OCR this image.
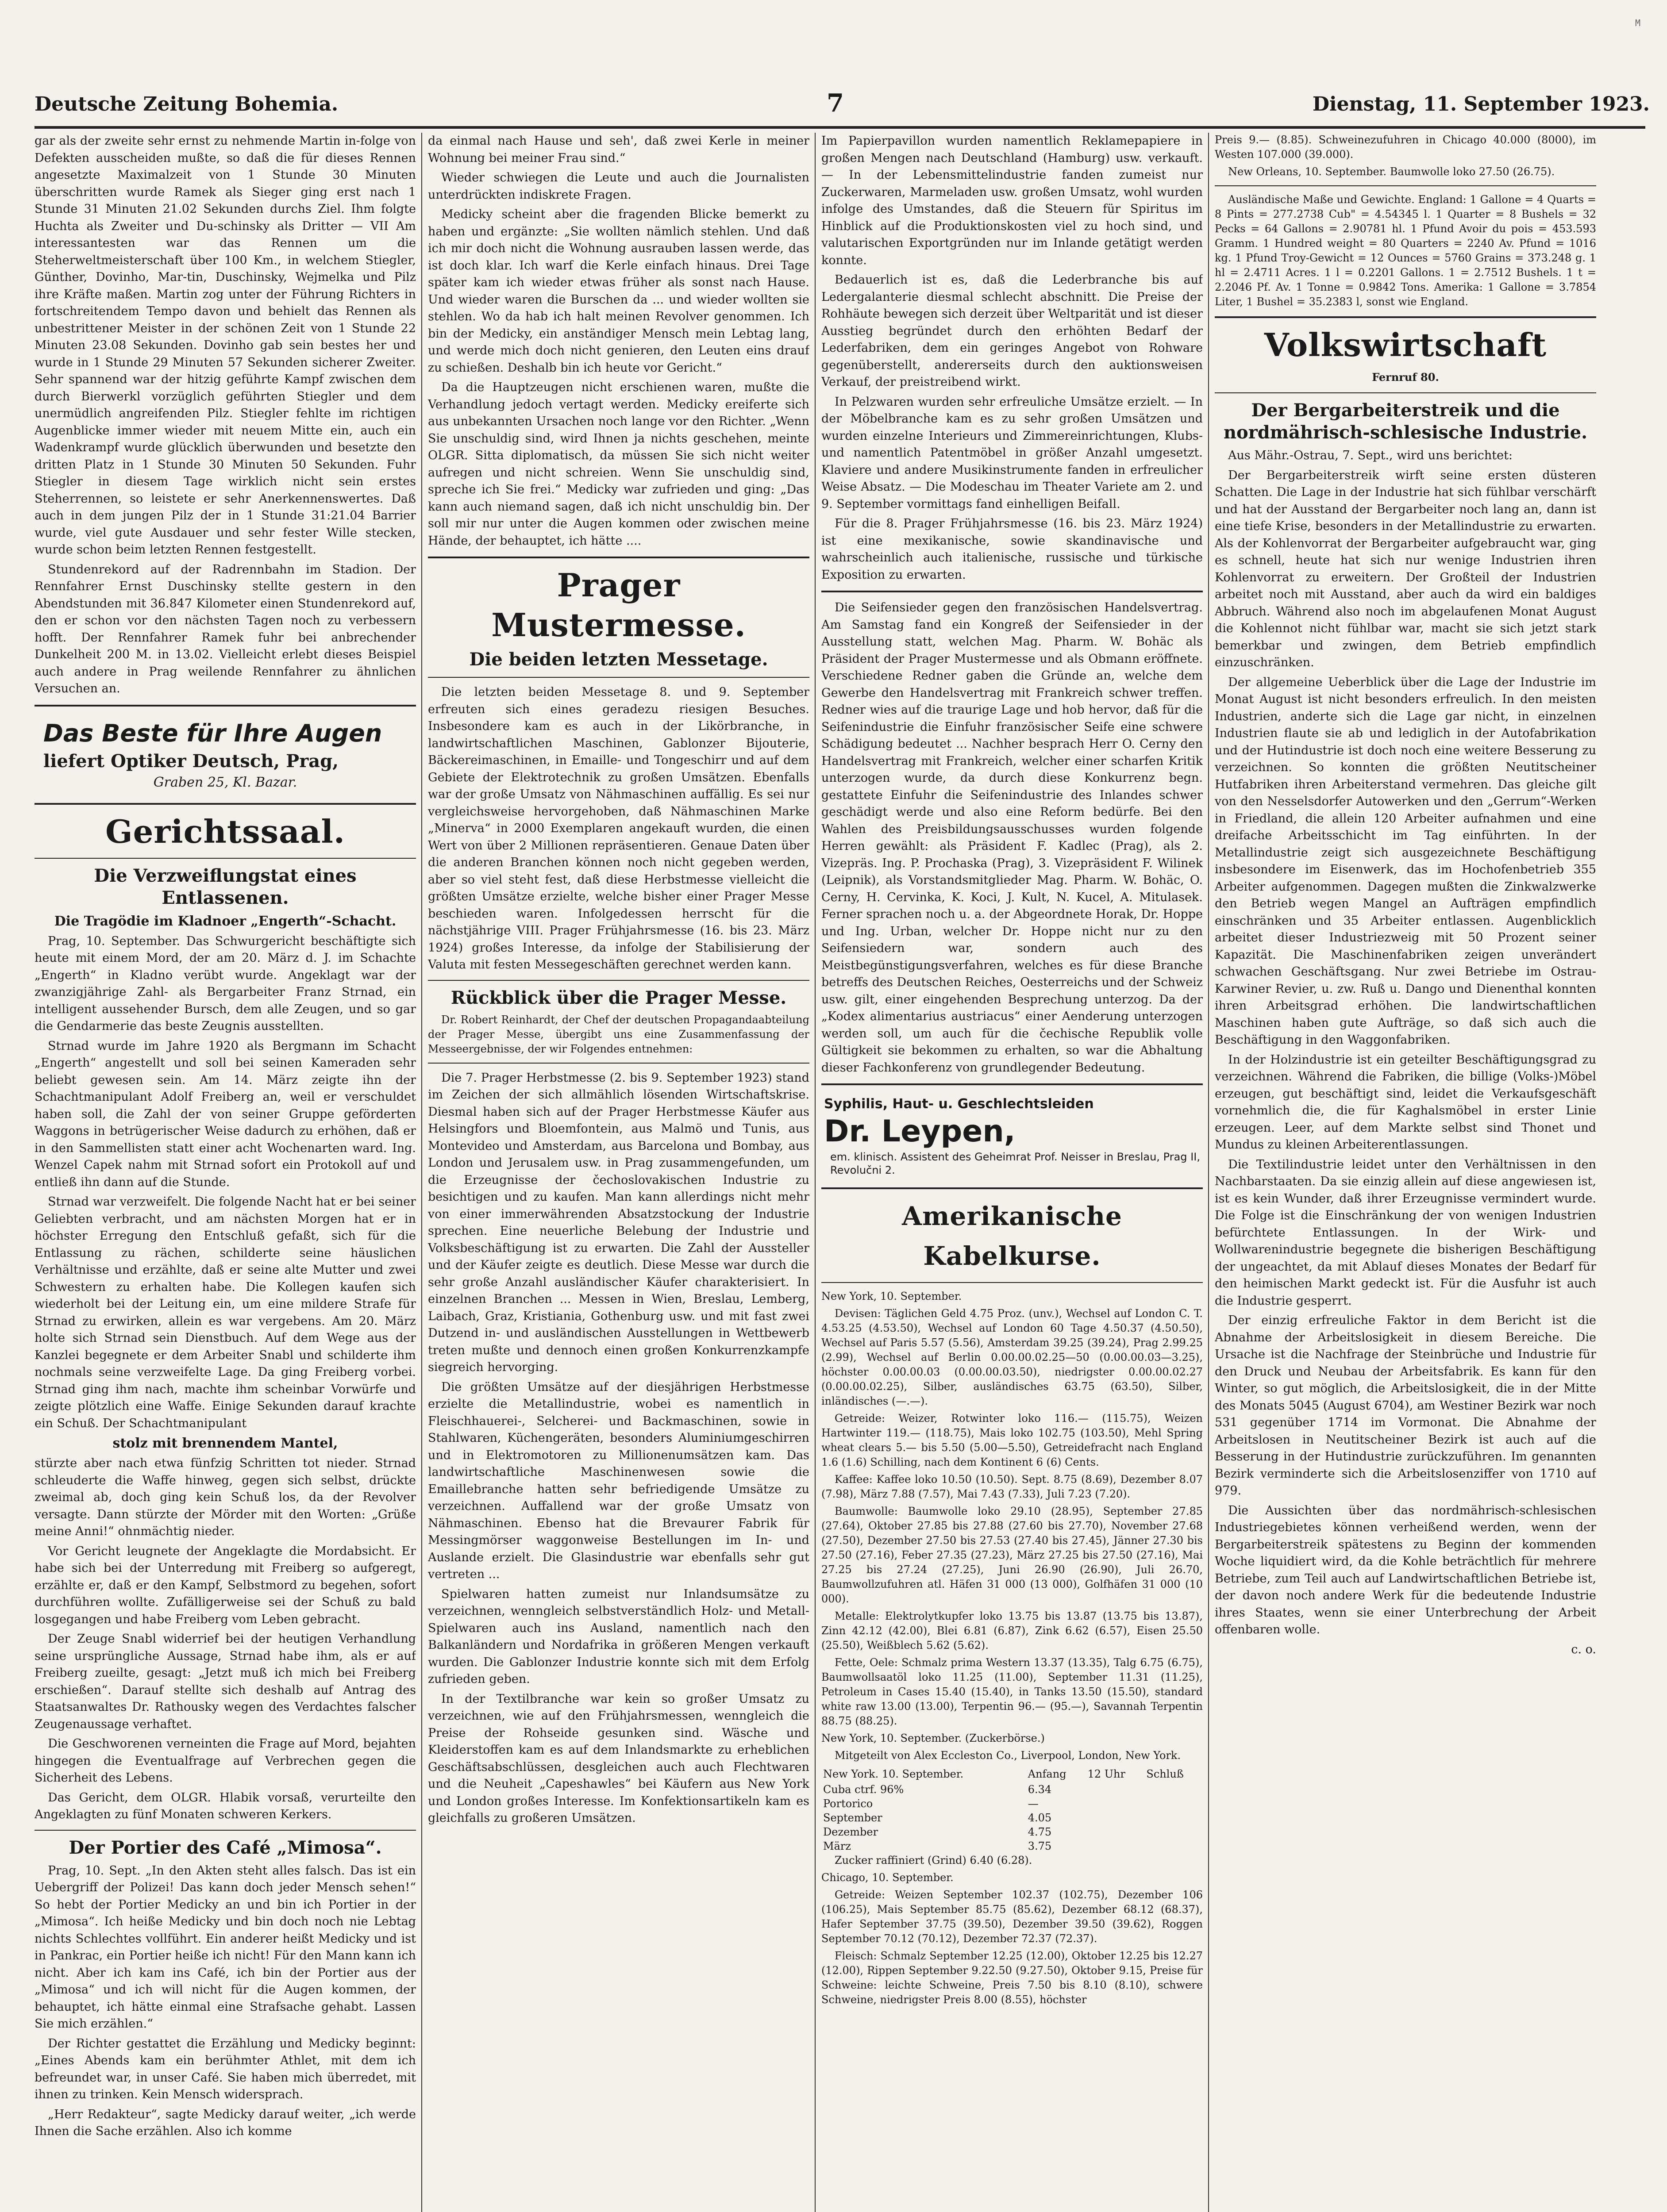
Deutsche Zeitung Bohemia.	7	Dienstag, 11. September 1923.
M

gar als der zweite sehr ernst zu nehmende Martin in-folge von Defekten ausscheiden mußte, so daß die für dieses Rennen angesetzte Maximalzeit von 1 Stunde 30 Minuten überschritten wurde Ramek als Sieger ging erst nach 1 Stunde 31 Minuten 21.02 Sekunden durchs Ziel. Ihm folgte Huchta als Zweiter und Du-schinsky als Dritter — VII Am interessantesten war das Rennen um die Steherweltmeisterschaft über 100 Km., in welchem Stiegler, Günther, Dovinho, Mar-tin, Duschinsky, Wejmelka und Pilz ihre Kräfte maßen. Martin zog unter der Führung Richters in fortschreitendem Tempo davon und behielt das Rennen als unbestrittener Meister in der schönen Zeit von 1 Stunde 22 Minuten 23.08 Sekunden. Dovinho gab sein bestes her und wurde in 1 Stunde 29 Minuten 57 Sekunden sicherer Zweiter. Sehr spannend war der hitzig geführte Kampf zwischen dem durch Bierwerkl vorzüglich geführten Stiegler und dem unermüdlich angreifenden Pilz. Stiegler fehlte im richtigen Augenblicke immer wieder mit neuem Mitte ein, auch ein Wadenkrampf wurde glücklich überwunden und besetzte den dritten Platz in 1 Stunde 30 Minuten 50 Sekunden. Fuhr Stiegler in diesem Tage wirklich nicht sein erstes Steherrennen, so leistete er sehr Anerkennenswertes. Daß auch in dem jungen Pilz der in 1 Stunde 31:21.04 Barrier wurde, viel gute Ausdauer und sehr fester Wille stecken, wurde schon beim letzten Rennen festgestellt.

Stundenrekord auf der Radrennbahn im Stadion. Der Rennfahrer Ernst Duschinsky stellte gestern in den Abendstunden mit 36.847 Kilometer einen Stundenrekord auf, den er schon vor den nächsten Tagen noch zu verbessern hofft. Der Rennfahrer Ramek fuhr bei anbrechender Dunkelheit 200 M. in 13.02. Vielleicht erlebt dieses Beispiel auch andere in Prag weilende Rennfahrer zu ähnlichen Versuchen an.

Das Beste für Ihre Augen
liefert Optiker Deutsch, Prag,
Graben 25, Kl. Bazar.
Gerichtssaal.
Die Verzweiflungstat eines Entlassenen.
Die Tragödie im Kladnoer „Engerth“-Schacht.

Prag, 10. September. Das Schwurgericht beschäftigte sich heute mit einem Mord, der am 20. März d. J. im Schachte „Engerth“ in Kladno verübt wurde. Angeklagt war der zwanzigjährige Zahl- als Bergarbeiter Franz Strnad, ein intelligent aussehender Bursch, dem alle Zeugen, und so gar die Gendarmerie das beste Zeugnis ausstellten.

Strnad wurde im Jahre 1920 als Bergmann im Schacht „Engerth“ angestellt und soll bei seinen Kameraden sehr beliebt gewesen sein. Am 14. März zeigte ihn der Schachtmanipulant Adolf Freiberg an, weil er verschuldet haben soll, die Zahl der von seiner Gruppe geförderten Waggons in betrügerischer Weise dadurch zu erhöhen, daß er in den Sammellisten statt einer acht Wochenarten ward. Ing. Wenzel Capek nahm mit Strnad sofort ein Protokoll auf und entließ ihn dann auf die Stunde.

Strnad war verzweifelt. Die folgende Nacht hat er bei seiner Geliebten verbracht, und am nächsten Morgen hat er in höchster Erregung den Entschluß gefaßt, sich für die Entlassung zu rächen, schilderte seine häuslichen Verhältnisse und erzählte, daß er seine alte Mutter und zwei Schwestern zu erhalten habe. Die Kollegen kaufen sich wiederholt bei der Leitung ein, um eine mildere Strafe für Strnad zu erwirken, allein es war vergebens. Am 20. März holte sich Strnad sein Dienstbuch. Auf dem Wege aus der Kanzlei begegnete er dem Arbeiter Snabl und schilderte ihm nochmals seine verzweifelte Lage. Da ging Freiberg vorbei. Strnad ging ihm nach, machte ihm scheinbar Vorwürfe und zeigte plötzlich eine Waffe. Einige Sekunden darauf krachte ein Schuß. Der Schachtmanipulant

stolz mit brennendem Mantel,

stürzte aber nach etwa fünfzig Schritten tot nieder. Strnad schleuderte die Waffe hinweg, gegen sich selbst, drückte zweimal ab, doch ging kein Schuß los, da der Revolver versagte. Dann stürzte der Mörder mit den Worten: „Grüße meine Anni!“ ohnmächtig nieder.

Vor Gericht leugnete der Angeklagte die Mordabsicht. Er habe sich bei der Unterredung mit Freiberg so aufgeregt, erzählte er, daß er den Kampf, Selbstmord zu begehen, sofort durchführen wollte. Zufälligerweise sei der Schuß zu bald losgegangen und habe Freiberg vom Leben gebracht.

Der Zeuge Snabl widerrief bei der heutigen Verhandlung seine ursprüngliche Aussage, Strnad habe ihm, als er auf Freiberg zueilte, gesagt: „Jetzt muß ich mich bei Freiberg erschießen“. Darauf stellte sich deshalb auf Antrag des Staatsanwaltes Dr. Rathousky wegen des Verdachtes falscher Zeugenaussage verhaftet.

Die Geschworenen verneinten die Frage auf Mord, bejahten hingegen die Eventualfrage auf Verbrechen gegen die Sicherheit des Lebens.

Das Gericht, dem OLGR. Hlabik vorsaß, verurteilte den Angeklagten zu fünf Monaten schweren Kerkers.

Der Portier des Café „Mimosa“.

Prag, 10. Sept. „In den Akten steht alles falsch. Das ist ein Uebergriff der Polizei! Das kann doch jeder Mensch sehen!“ So hebt der Portier Medicky an und bin ich Portier in der „Mimosa“. Ich heiße Medicky und bin doch noch nie Lebtag nichts Schlechtes vollführt. Ein anderer heißt Medicky und ist in Pankrac, ein Portier heiße ich nicht! Für den Mann kann ich nicht. Aber ich kam ins Café, ich bin der Portier aus der „Mimosa“ und ich will nicht für die Augen kommen, der behauptet, ich hätte einmal eine Strafsache gehabt. Lassen Sie mich erzählen.“

Der Richter gestattet die Erzählung und Medicky beginnt: „Eines Abends kam ein berühmter Athlet, mit dem ich befreundet war, in unser Café. Sie haben mich überredet, mit ihnen zu trinken. Kein Mensch widersprach.

„Herr Redakteur“, sagte Medicky darauf weiter, „ich werde Ihnen die Sache erzählen. Also ich komme

da einmal nach Hause und seh', daß zwei Kerle in meiner Wohnung bei meiner Frau sind.“

Wieder schwiegen die Leute und auch die Journalisten unterdrückten indiskrete Fragen.

Medicky scheint aber die fragenden Blicke bemerkt zu haben und ergänzte: „Sie wollten nämlich stehlen. Und daß ich mir doch nicht die Wohnung ausrauben lassen werde, das ist doch klar. Ich warf die Kerle einfach hinaus. Drei Tage später kam ich wieder etwas früher als sonst nach Hause. Und wieder waren die Burschen da ... und wieder wollten sie stehlen. Wo da hab ich halt meinen Revolver genommen. Ich bin der Medicky, ein anständiger Mensch mein Lebtag lang, und werde mich doch nicht genieren, den Leuten eins drauf zu schießen. Deshalb bin ich heute vor Gericht.“

Da die Hauptzeugen nicht erschienen waren, mußte die Verhandlung jedoch vertagt werden. Medicky ereiferte sich aus unbekannten Ursachen noch lange vor den Richter. „Wenn Sie unschuldig sind, wird Ihnen ja nichts geschehen, meinte OLGR. Sitta diplomatisch, da müssen Sie sich nicht weiter aufregen und nicht schreien. Wenn Sie unschuldig sind, spreche ich Sie frei.“ Medicky war zufrieden und ging: „Das kann auch niemand sagen, daß ich nicht unschuldig bin. Der soll mir nur unter die Augen kommen oder zwischen meine Hände, der behauptet, ich hätte ....

Prager Mustermesse.
Die beiden letzten Messetage.

Die letzten beiden Messetage 8. und 9. September erfreuten sich eines geradezu riesigen Besuches. Insbesondere kam es auch in der Likörbranche, in landwirtschaftlichen Maschinen, Gablonzer Bijouterie, Bäckereimaschinen, in Emaille- und Tongeschirr und auf dem Gebiete der Elektrotechnik zu großen Umsätzen. Ebenfalls war der große Umsatz von Nähmaschinen auffällig. Es sei nur vergleichsweise hervorgehoben, daß Nähmaschinen Marke „Minerva“ in 2000 Exemplaren angekauft wurden, die einen Wert von über 2 Millionen repräsentieren. Genaue Daten über die anderen Branchen können noch nicht gegeben werden, aber so viel steht fest, daß diese Herbstmesse vielleicht die größten Umsätze erzielte, welche bisher einer Prager Messe beschieden waren. Infolgedessen herrscht für die nächstjährige VIII. Prager Frühjahrsmesse (16. bis 23. März 1924) großes Interesse, da infolge der Stabilisierung der Valuta mit festen Messegeschäften gerechnet werden kann.

Rückblick über die Prager Messe.

Dr. Robert Reinhardt, der Chef der deutschen Propagandaabteilung der Prager Messe, übergibt uns eine Zusammenfassung der Messeergebnisse, der wir Folgendes entnehmen:

Die 7. Prager Herbstmesse (2. bis 9. September 1923) stand im Zeichen der sich allmählich lösenden Wirtschaftskrise. Diesmal haben sich auf der Prager Herbstmesse Käufer aus Helsingfors und Bloemfontein, aus Malmö und Tunis, aus Montevideo und Amsterdam, aus Barcelona und Bombay, aus London und Jerusalem usw. in Prag zusammengefunden, um die Erzeugnisse der čechoslovakischen Industrie zu besichtigen und zu kaufen. Man kann allerdings nicht mehr von einer immerwährenden Absatzstockung der Industrie sprechen. Eine neuerliche Belebung der Industrie und Volksbeschäftigung ist zu erwarten. Die Zahl der Aussteller und der Käufer zeigte es deutlich. Diese Messe war durch die sehr große Anzahl ausländischer Käufer charakterisiert. In einzelnen Branchen ... Messen in Wien, Breslau, Lemberg, Laibach, Graz, Kristiania, Gothenburg usw. und mit fast zwei Dutzend in- und ausländischen Ausstellungen in Wettbewerb treten mußte und dennoch einen großen Konkurrenzkampfe siegreich hervorging.

Die größten Umsätze auf der diesjährigen Herbstmesse erzielte die Metallindustrie, wobei es namentlich in Fleischhauerei-, Selcherei- und Backmaschinen, sowie in Stahlwaren, Küchengeräten, besonders Aluminiumgeschirren und in Elektromotoren zu Millionenumsätzen kam. Das landwirtschaftliche Maschinenwesen sowie die Emaillebranche hatten sehr befriedigende Umsätze zu verzeichnen. Auffallend war der große Umsatz von Nähmaschinen. Ebenso hat die Brevaurer Fabrik für Messingmörser waggonweise Bestellungen im In- und Auslande erzielt. Die Glasindustrie war ebenfalls sehr gut vertreten ...

Spielwaren hatten zumeist nur Inlandsumsätze zu verzeichnen, wenngleich selbstverständlich Holz- und Metall-Spielwaren auch ins Ausland, namentlich nach den Balkanländern und Nordafrika in größeren Mengen verkauft wurden. Die Gablonzer Industrie konnte sich mit dem Erfolg zufrieden geben.

In der Textilbranche war kein so großer Umsatz zu verzeichnen, wie auf den Frühjahrsmessen, wenngleich die Preise der Rohseide gesunken sind. Wäsche und Kleiderstoffen kam es auf dem Inlandsmarkte zu erheblichen Geschäftsabschlüssen, desgleichen auch auch Flechtwaren und die Neuheit „Capeshawles“ bei Käufern aus New York und London großes Interesse. Im Konfektionsartikeln kam es gleichfalls zu großeren Umsätzen.

Im Papierpavillon wurden namentlich Reklamepapiere in großen Mengen nach Deutschland (Hamburg) usw. verkauft. — In der Lebensmittelindustrie fanden zumeist nur Zuckerwaren, Marmeladen usw. großen Umsatz, wohl wurden infolge des Umstandes, daß die Steuern für Spiritus im Hinblick auf die Produktionskosten viel zu hoch sind, und valutarischen Exportgründen nur im Inlande getätigt werden konnte.

Bedauerlich ist es, daß die Lederbranche bis auf Ledergalanterie diesmal schlecht abschnitt. Die Preise der Rohhäute bewegen sich derzeit über Weltparität und ist dieser Ausstieg begründet durch den erhöhten Bedarf der Lederfabriken, dem ein geringes Angebot von Rohware gegenüberstellt, andererseits durch den auktionsweisen Verkauf, der preistreibend wirkt.

In Pelzwaren wurden sehr erfreuliche Umsätze erzielt. — In der Möbelbranche kam es zu sehr großen Umsätzen und wurden einzelne Interieurs und Zimmereinrichtungen, Klubs- und namentlich Patentmöbel in größer Anzahl umgesetzt. Klaviere und andere Musikinstrumente fanden in erfreulicher Weise Absatz. — Die Modeschau im Theater Variete am 2. und 9. September vormittags fand einhelligen Beifall.

Für die 8. Prager Frühjahrsmesse (16. bis 23. März 1924) ist eine mexikanische, sowie skandinavische und wahrscheinlich auch italienische, russische und türkische Exposition zu erwarten.

Die Seifensieder gegen den französischen Handelsvertrag. Am Samstag fand ein Kongreß der Seifensieder in der Ausstellung statt, welchen Mag. Pharm. W. Bohäc als Präsident der Prager Mustermesse und als Obmann eröffnete. Verschiedene Redner gaben die Gründe an, welche dem Gewerbe den Handelsvertrag mit Frankreich schwer treffen. Redner wies auf die traurige Lage und hob hervor, daß für die Seifenindustrie die Einfuhr französischer Seife eine schwere Schädigung bedeutet ... Nachher besprach Herr O. Cerny den Handelsvertrag mit Frankreich, welcher einer scharfen Kritik unterzogen wurde, da durch diese Konkurrenz begn. gestattete Einfuhr die Seifenindustrie des Inlandes schwer geschädigt werde und also eine Reform bedürfe. Bei den Wahlen des Preisbildungsausschusses wurden folgende Herren gewählt: als Präsident F. Kadlec (Prag), als 2. Vizepräs. Ing. P. Prochaska (Prag), 3. Vizepräsident F. Wilinek (Leipnik), als Vorstandsmitglieder Mag. Pharm. W. Bohäc, O. Cerny, H. Cervinka, K. Koci, J. Kult, N. Kucel, A. Mitulasek. Ferner sprachen noch u. a. der Abgeordnete Horak, Dr. Hoppe und Ing. Urban, welcher Dr. Hoppe nicht nur zu den Seifensiedern war, sondern auch des Meistbegünstigungsverfahren, welches es für diese Branche betreffs des Deutschen Reiches, Oesterreichs und der Schweiz usw. gilt, einer eingehenden Besprechung unterzog. Da der „Kodex alimentarius austriacus“ einer Aenderung unterzogen werden soll, um auch für die čechische Republik volle Gültigkeit sie bekommen zu erhalten, so war die Abhaltung dieser Fachkonferenz von grundlegender Bedeutung.

Syphilis, Haut- u. Geschlechtsleiden
Dr. Leypen, em. klinisch. Assistent des Geheimrat Prof. Neisser in Breslau, Prag II, Revolučni 2.
Amerikanische Kabelkurse.

New York, 10. September.

Devisen: Täglichen Geld 4.75 Proz. (unv.), Wechsel auf London C. T. 4.53.25 (4.53.50), Wechsel auf London 60 Tage 4.50.37 (4.50.50), Wechsel auf Paris 5.57 (5.56), Amsterdam 39.25 (39.24), Prag 2.99.25 (2.99), Wechsel auf Berlin 0.00.00.02.25—50 (0.00.00.03—3.25), höchster 0.00.00.03 (0.00.00.03.50), niedrigster 0.00.00.02.27 (0.00.00.02.25), Silber, ausländisches 63.75 (63.50), Silber, inländisches (—.—).

Getreide: Weizer, Rotwinter loko 116.— (115.75), Weizen Hartwinter 119.— (118.75), Mais loko 102.75 (103.50), Mehl Spring wheat clears 5.— bis 5.50 (5.00—5.50), Getreidefracht nach England 1.6 (1.6) Schilling, nach dem Kontinent 6 (6) Cents.

Kaffee: Kaffee loko 10.50 (10.50). Sept. 8.75 (8.69), Dezember 8.07 (7.98), März 7.88 (7.57), Mai 7.43 (7.33), Juli 7.23 (7.20).

Baumwolle: Baumwolle loko 29.10 (28.95), September 27.85 (27.64), Oktober 27.85 bis 27.88 (27.60 bis 27.70), November 27.68 (27.50), Dezember 27.50 bis 27.53 (27.40 bis 27.45), Jänner 27.30 bis 27.50 (27.16), Feber 27.35 (27.23), März 27.25 bis 27.50 (27.16), Mai 27.25 bis 27.24 (27.25), Juni 26.90 (26.90), Juli 26.70, Baumwollzufuhren atl. Häfen 31 000 (13 000), Golfhäfen 31 000 (10 000).

Metalle: Elektrolytkupfer loko 13.75 bis 13.87 (13.75 bis 13.87), Zinn 42.12 (42.00), Blei 6.81 (6.87), Zink 6.62 (6.57), Eisen 25.50 (25.50), Weißblech 5.62 (5.62).

Fette, Oele: Schmalz prima Western 13.37 (13.35), Talg 6.75 (6.75), Baumwollsaatöl loko 11.25 (11.00), September 11.31 (11.25), Petroleum in Cases 15.40 (15.40), in Tanks 13.50 (15.50), standard white raw 13.00 (13.00), Terpentin 96.— (95.—), Savannah Terpentin 88.75 (88.25).

New York, 10. September. (Zuckerbörse.)

Mitgeteilt von Alex Eccleston Co., Liverpool, London, New York.

New York. 10. September.	Anfang	12 Uhr	Schluß
Cuba ctrf. 96%	6.34		
Portorico	—		
September	4.05		
Dezember	4.75		
März	3.75		

Zucker raffiniert (Grind) 6.40 (6.28).

Chicago, 10. September.

Getreide: Weizen September 102.37 (102.75), Dezember 106 (106.25), Mais September 85.75 (85.62), Dezember 68.12 (68.37), Hafer September 37.75 (39.50), Dezember 39.50 (39.62), Roggen September 70.12 (70.12), Dezember 72.37 (72.37).

Fleisch: Schmalz September 12.25 (12.00), Oktober 12.25 bis 12.27 (12.00), Rippen September 9.22.50 (9.27.50), Oktober 9.15, Preise für Schweine: leichte Schweine, Preis 7.50 bis 8.10 (8.10), schwere Schweine, niedrigster Preis 8.00 (8.55), höchster

Preis 9.— (8.85). Schweinezufuhren in Chicago 40.000 (8000), im Westen 107.000 (39.000).

New Orleans, 10. September. Baumwolle loko 27.50 (26.75).

Ausländische Maße und Gewichte. England: 1 Gallone = 4 Quarts = 8 Pints = 277.2738 Cub" = 4.54345 l. 1 Quarter = 8 Bushels = 32 Pecks = 64 Gallons = 2.90781 hl. 1 Pfund Avoir du pois = 453.593 Gramm. 1 Hundred weight = 80 Quarters = 2240 Av. Pfund = 1016 kg. 1 Pfund Troy-Gewicht = 12 Ounces = 5760 Grains = 373.248 g. 1 hl = 2.4711 Acres. 1 l = 0.2201 Gallons. 1 = 2.7512 Bushels. 1 t = 2.2046 Pf. Av. 1 Tonne = 0.9842 Tons. Amerika: 1 Gallone = 3.7854 Liter, 1 Bushel = 35.2383 l, sonst wie England.

Volkswirtschaft
Fernruf 80.
Der Bergarbeiterstreik und die nordmährisch-schlesische Industrie.

Aus Mähr.-Ostrau, 7. Sept., wird uns berichtet:

Der Bergarbeiterstreik wirft seine ersten düsteren Schatten. Die Lage in der Industrie hat sich fühlbar verschärft und hat der Ausstand der Bergarbeiter noch lang an, dann ist eine tiefe Krise, besonders in der Metallindustrie zu erwarten. Als der Kohlenvorrat der Bergarbeiter aufgebraucht war, ging es schnell, heute hat sich nur wenige Industrien ihren Kohlenvorrat zu erweitern. Der Großteil der Industrien arbeitet noch mit Ausstand, aber auch da wird ein baldiges Abbruch. Während also noch im abgelaufenen Monat August die Kohlennot nicht fühlbar war, macht sie sich jetzt stark bemerkbar und zwingen, dem Betrieb empfindlich einzuschränken.

Der allgemeine Ueberblick über die Lage der Industrie im Monat August ist nicht besonders erfreulich. In den meisten Industrien, anderte sich die Lage gar nicht, in einzelnen Industrien flaute sie ab und lediglich in der Autofabrikation und der Hutindustrie ist doch noch eine weitere Besserung zu verzeichnen. So konnten die größten Neutitscheiner Hutfabriken ihren Arbeiterstand vermehren. Das gleiche gilt von den Nesselsdorfer Autowerken und den „Gerrum“-Werken in Friedland, die allein 120 Arbeiter aufnahmen und eine dreifache Arbeitsschicht im Tag einführten. In der Metallindustrie zeigt sich ausgezeichnete Beschäftigung insbesondere im Eisenwerk, das im Hochofenbetrieb 355 Arbeiter aufgenommen. Dagegen mußten die Zinkwalzwerke den Betrieb wegen Mangel an Aufträgen empfindlich einschränken und 35 Arbeiter entlassen. Augenblicklich arbeitet dieser Industriezweig mit 50 Prozent seiner Kapazität. Die Maschinenfabriken zeigen unverändert schwachen Geschäftsgang. Nur zwei Betriebe im Ostrau-Karwiner Revier, u. zw. Ruß u. Dango und Dienenthal konnten ihren Arbeitsgrad erhöhen. Die landwirtschaftlichen Maschinen haben gute Aufträge, so daß sich auch die Beschäftigung in den Waggonfabriken.

In der Holzindustrie ist ein geteilter Beschäftigungsgrad zu verzeichnen. Während die Fabriken, die billige (Volks-)Möbel erzeugen, gut beschäftigt sind, leidet die Verkaufsgeschäft vornehmlich die, die für Kaghalsmöbel in erster Linie erzeugen. Leer, auf dem Markte selbst sind Thonet und Mundus zu kleinen Arbeiterentlassungen.

Die Textilindustrie leidet unter den Verhältnissen in den Nachbarstaaten. Da sie einzig allein auf diese angewiesen ist, ist es kein Wunder, daß ihrer Erzeugnisse vermindert wurde. Die Folge ist die Einschränkung der von wenigen Industrien befürchtete Entlassungen. In der Wirk- und Wollwarenindustrie begegnete die bisherigen Beschäftigung der ungeachtet, da mit Ablauf dieses Monates der Bedarf für den heimischen Markt gedeckt ist. Für die Ausfuhr ist auch die Industrie gesperrt.

Der einzig erfreuliche Faktor in dem Bericht ist die Abnahme der Arbeitslosigkeit in diesem Bereiche. Die Ursache ist die Nachfrage der Steinbrüche und Industrie für den Druck und Neubau der Arbeitsfabrik. Es kann für den Winter, so gut möglich, die Arbeitslosigkeit, die in der Mitte des Monats 5045 (August 6704), am Westiner Bezirk war noch 531 gegenüber 1714 im Vormonat. Die Abnahme der Arbeitslosen in Neutitscheiner Bezirk ist auch auf die Besserung in der Hutindustrie zurückzuführen. Im genannten Bezirk verminderte sich die Arbeitslosenziffer von 1710 auf 979.

Die Aussichten über das nordmährisch-schlesischen Industriegebietes können verheißend werden, wenn der Bergarbeiterstreik spätestens zu Beginn der kommenden Woche liquidiert wird, da die Kohle beträchtlich für mehrere Betriebe, zum Teil auch auf Landwirtschaftlichen Betriebe ist, der davon noch andere Werk für die bedeutende Industrie ihres Staates, wenn sie einer Unterbrechung der Arbeit offenbaren wolle.

c. o.
